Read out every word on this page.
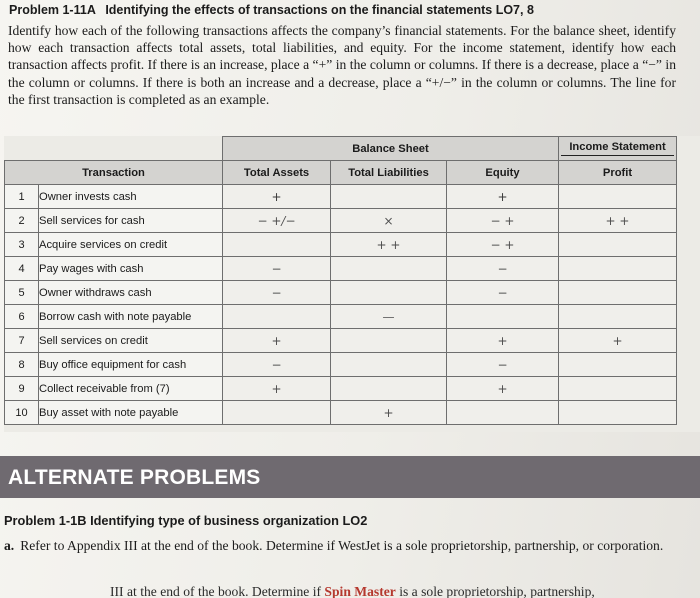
Problem 1-11A Identifying the effects of transactions on the financial statements LO7, 8
Identify how each of the following transactions affects the company’s financial statements. For the balance sheet, identify how each transaction affects total assets, total liabilities, and equity. For the income statement, identify how each transaction affects profit. If there is an increase, place a “+” in the column or columns. If there is a decrease, place a “−” in the column or columns. If there is both an increase and a decrease, place a “+/−” in the column or columns. The line for the first transaction is completed as an example.
		Balance Sheet			Income Statement
Transaction		Total Assets	Total Liabilities	Equity	Profit
1	Owner invests cash	+		+	
2	Sell services for cash	− +/−	×	− +	+ +
3	Acquire services on credit		+ +	− +	
4	Pay wages with cash	−		−	
5	Owner withdraws cash	−		−	
6	Borrow cash with note payable		—		
7	Sell services on credit	+		+	+
8	Buy office equipment for cash	−		−	
9	Collect receivable from (7)	+		+	
10	Buy asset with note payable		+		
ALTERNATE PROBLEMS
Problem 1-1B Identifying type of business organization LO2
a. Refer to Appendix III at the end of the book. Determine if WestJet is a sole proprietorship, partnership, or corporation.
III at the end of the book. Determine if Spin Master is a sole proprietorship, partnership,
